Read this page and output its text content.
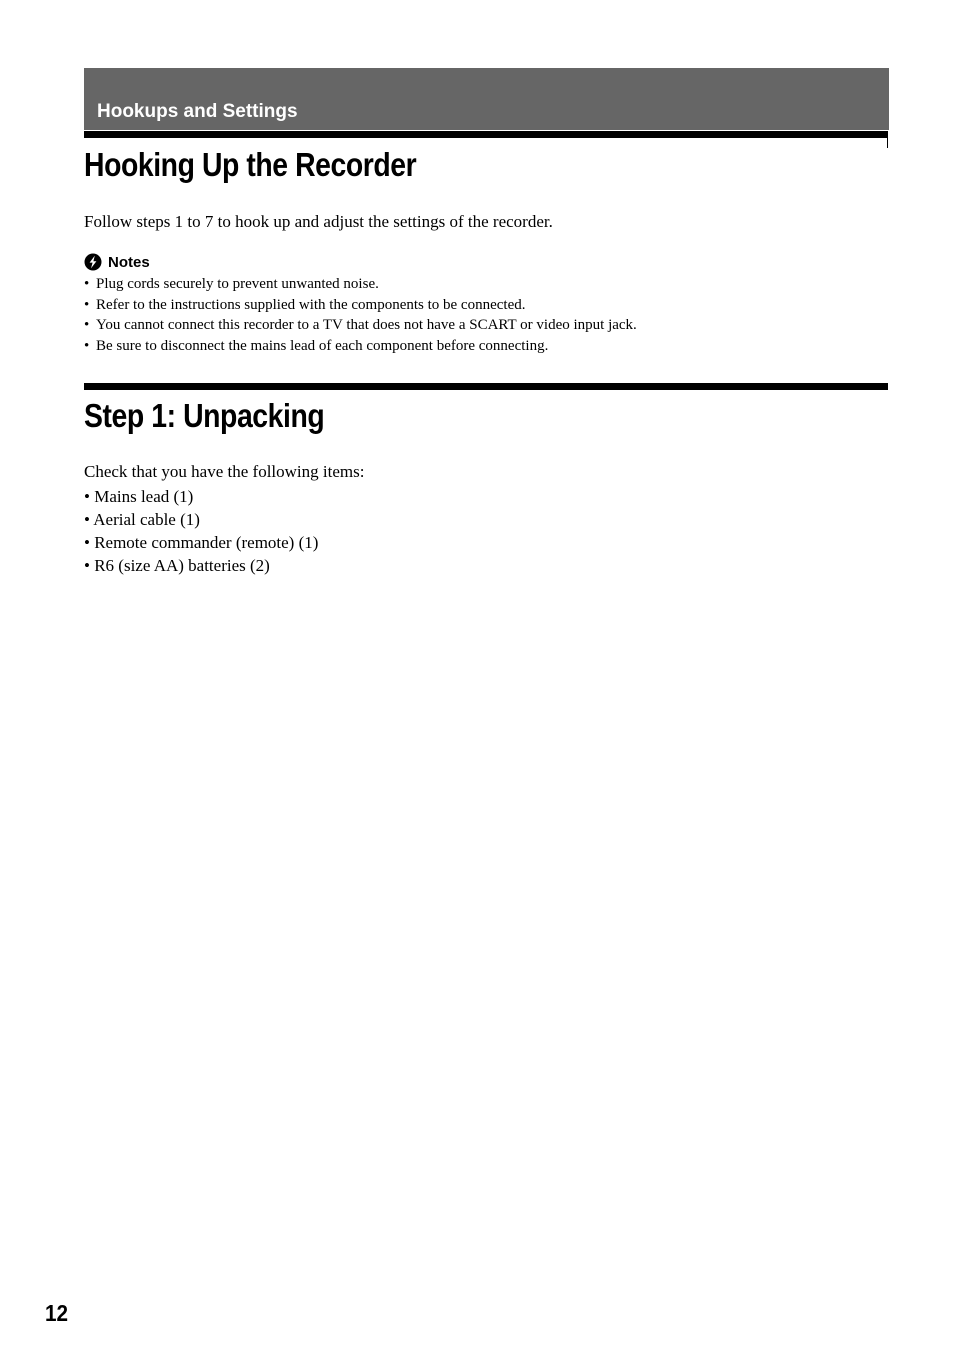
Hookups and Settings
Hooking Up the Recorder

Follow steps 1 to 7 to hook up and adjust the settings of the recorder.

Notes
• Plug cords securely to prevent unwanted noise.
• Refer to the instructions supplied with the components to be connected.
• You cannot connect this recorder to a TV that does not have a SCART or video input jack.
• Be sure to disconnect the mains lead of each component before connecting.
Step 1: Unpacking

Check that you have the following items:

• Mains lead (1)
• Aerial cable (1)
• Remote commander (remote) (1)
• R6 (size AA) batteries (2)
12
